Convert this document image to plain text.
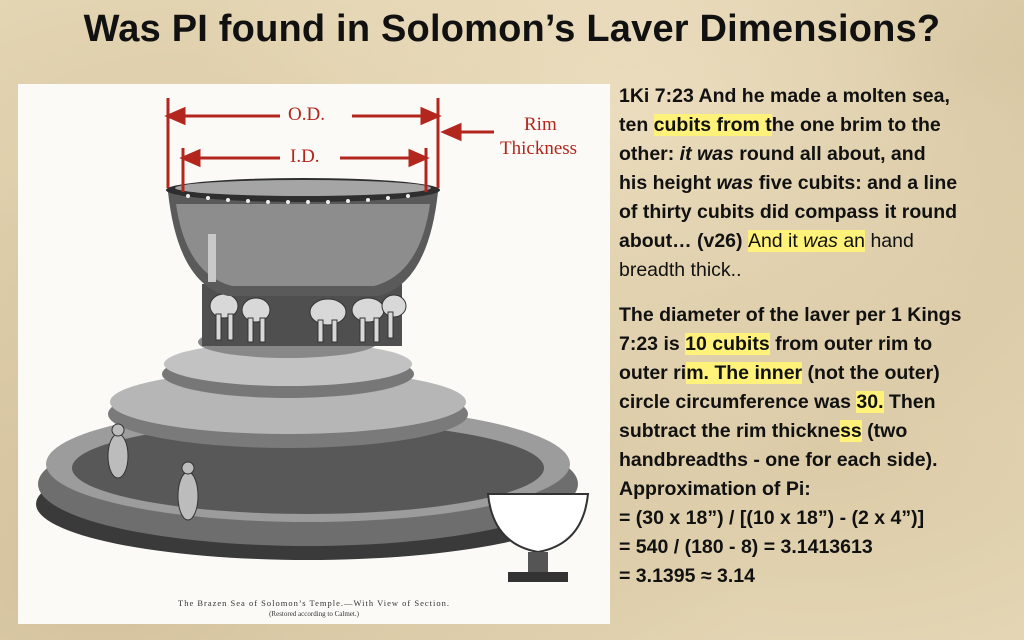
Was PI found in Solomon’s Laver Dimensions?
O.D.
I.D.
Rim
Thickness
The Brazen Sea of Solomon’s Temple.—With View of Section.
(Restored according to Calmet.)
1Ki 7:23 And he made a molten sea,
ten cubits from the one brim to the
other: it was round all about, and
his height was five cubits: and a line
of thirty cubits did compass it round
about… (v26) And it was an hand
breadth thick..
The diameter of the laver per 1 Kings
7:23 is 10 cubits from outer rim to
outer rim. The inner (not the outer)
circle circumference was 30. Then
subtract the rim thickness (two
handbreadths - one for each side).
Approximation of Pi:
= (30 x 18”) / [(10 x 18”) - (2 x 4”)]
= 540 / (180 - 8) = 3.1413613
= 3.1395 ≈ 3.14
